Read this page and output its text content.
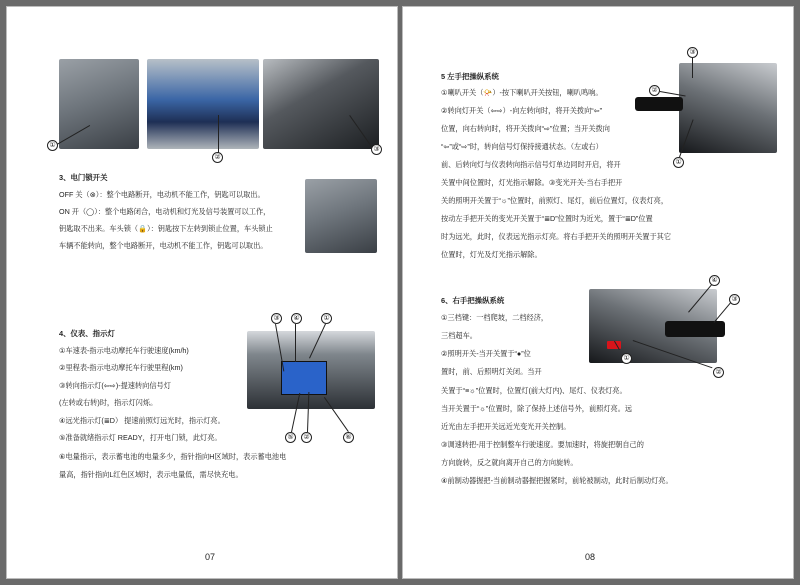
①
②
③
3、电门锁开关
OFF 关（⊗）：整个电路断开，电动机不能工作，钥匙可以取出。
ON 开（◯）：整个电路闭合，电动机和灯光及信号装置可以工作，
钥匙取不出来。车头锁（🔒）：钥匙按下左转到锁止位置，车头锁止
车辆不能转向，整个电路断开，电动机不能工作，钥匙可以取出。
4、仪表、指示灯
①车速表-指示电动摩托车行驶速度(km/h)
②里程表-指示电动摩托车行驶里程(km)
③转向指示灯(⇦⇨)-提速转向信号灯
(左转或右转)时，指示灯闪烁。
④远光指示灯(≣D） 提速前照灯远光时，指示灯亮。
⑤准备就绪指示灯 READY，打开电门锁，此灯亮。
⑥电量指示，表示蓄电池的电量多少，指针指向H区域时，表示蓄电池电
量高，指针指向L红色区域时，表示电量低，需尽快充电。
③	④	①
⑤	②	⑥
07
5 左手把操纵系统
①喇叭开关（📯）-按下喇叭开关按钮，喇叭鸣响。
②转向灯开关（⇦⇨）-向左转向时，将开关拨向“⇦”
位置，向右转向时，将开关拨向“⇨”位置；当开关拨向
“⇦”或“⇨”时，转向信号灯保持接通状态。（左或右）
前、后转向灯与仪表转向指示信号灯单边同时开启，将开
关置中间位置时，灯光指示解除。③变光开关-当右手把开
关的照明开关置于“☼”位置时，前照灯、尾灯，前后位置灯，仪表灯亮，
按动左手把开关的变光开关置于“≣D”位置时为近光，置于“≣D”位置
时为远光，此时，仪表远光指示灯亮。将右手把开关的照明开关置于其它
位置时，灯光及灯光指示解除。
③
②
①
6、右手把操纵系统
①三档键：一档爬坡，二档经济，
三档超车。
②照明开关-当开关置于“●”位
置时，前、后照明灯关闭。当开
关置于“≡☼”位置时，位置灯(前大灯内)、尾灯、仪表灯亮。
当开关置于“☼”位置时，除了保持上述信号外，前照灯亮。远
近光由左手把开关远近光变光开关控制。
③调速转把-用于控制整车行驶速度。要加速时，将旋把朝自己的
方向旋转，反之就向离开自己的方向旋转。
④前制动器握把-当前制动器握把握紧时，前轮被制动，此时后制动灯亮。
④
③
①
②
08
